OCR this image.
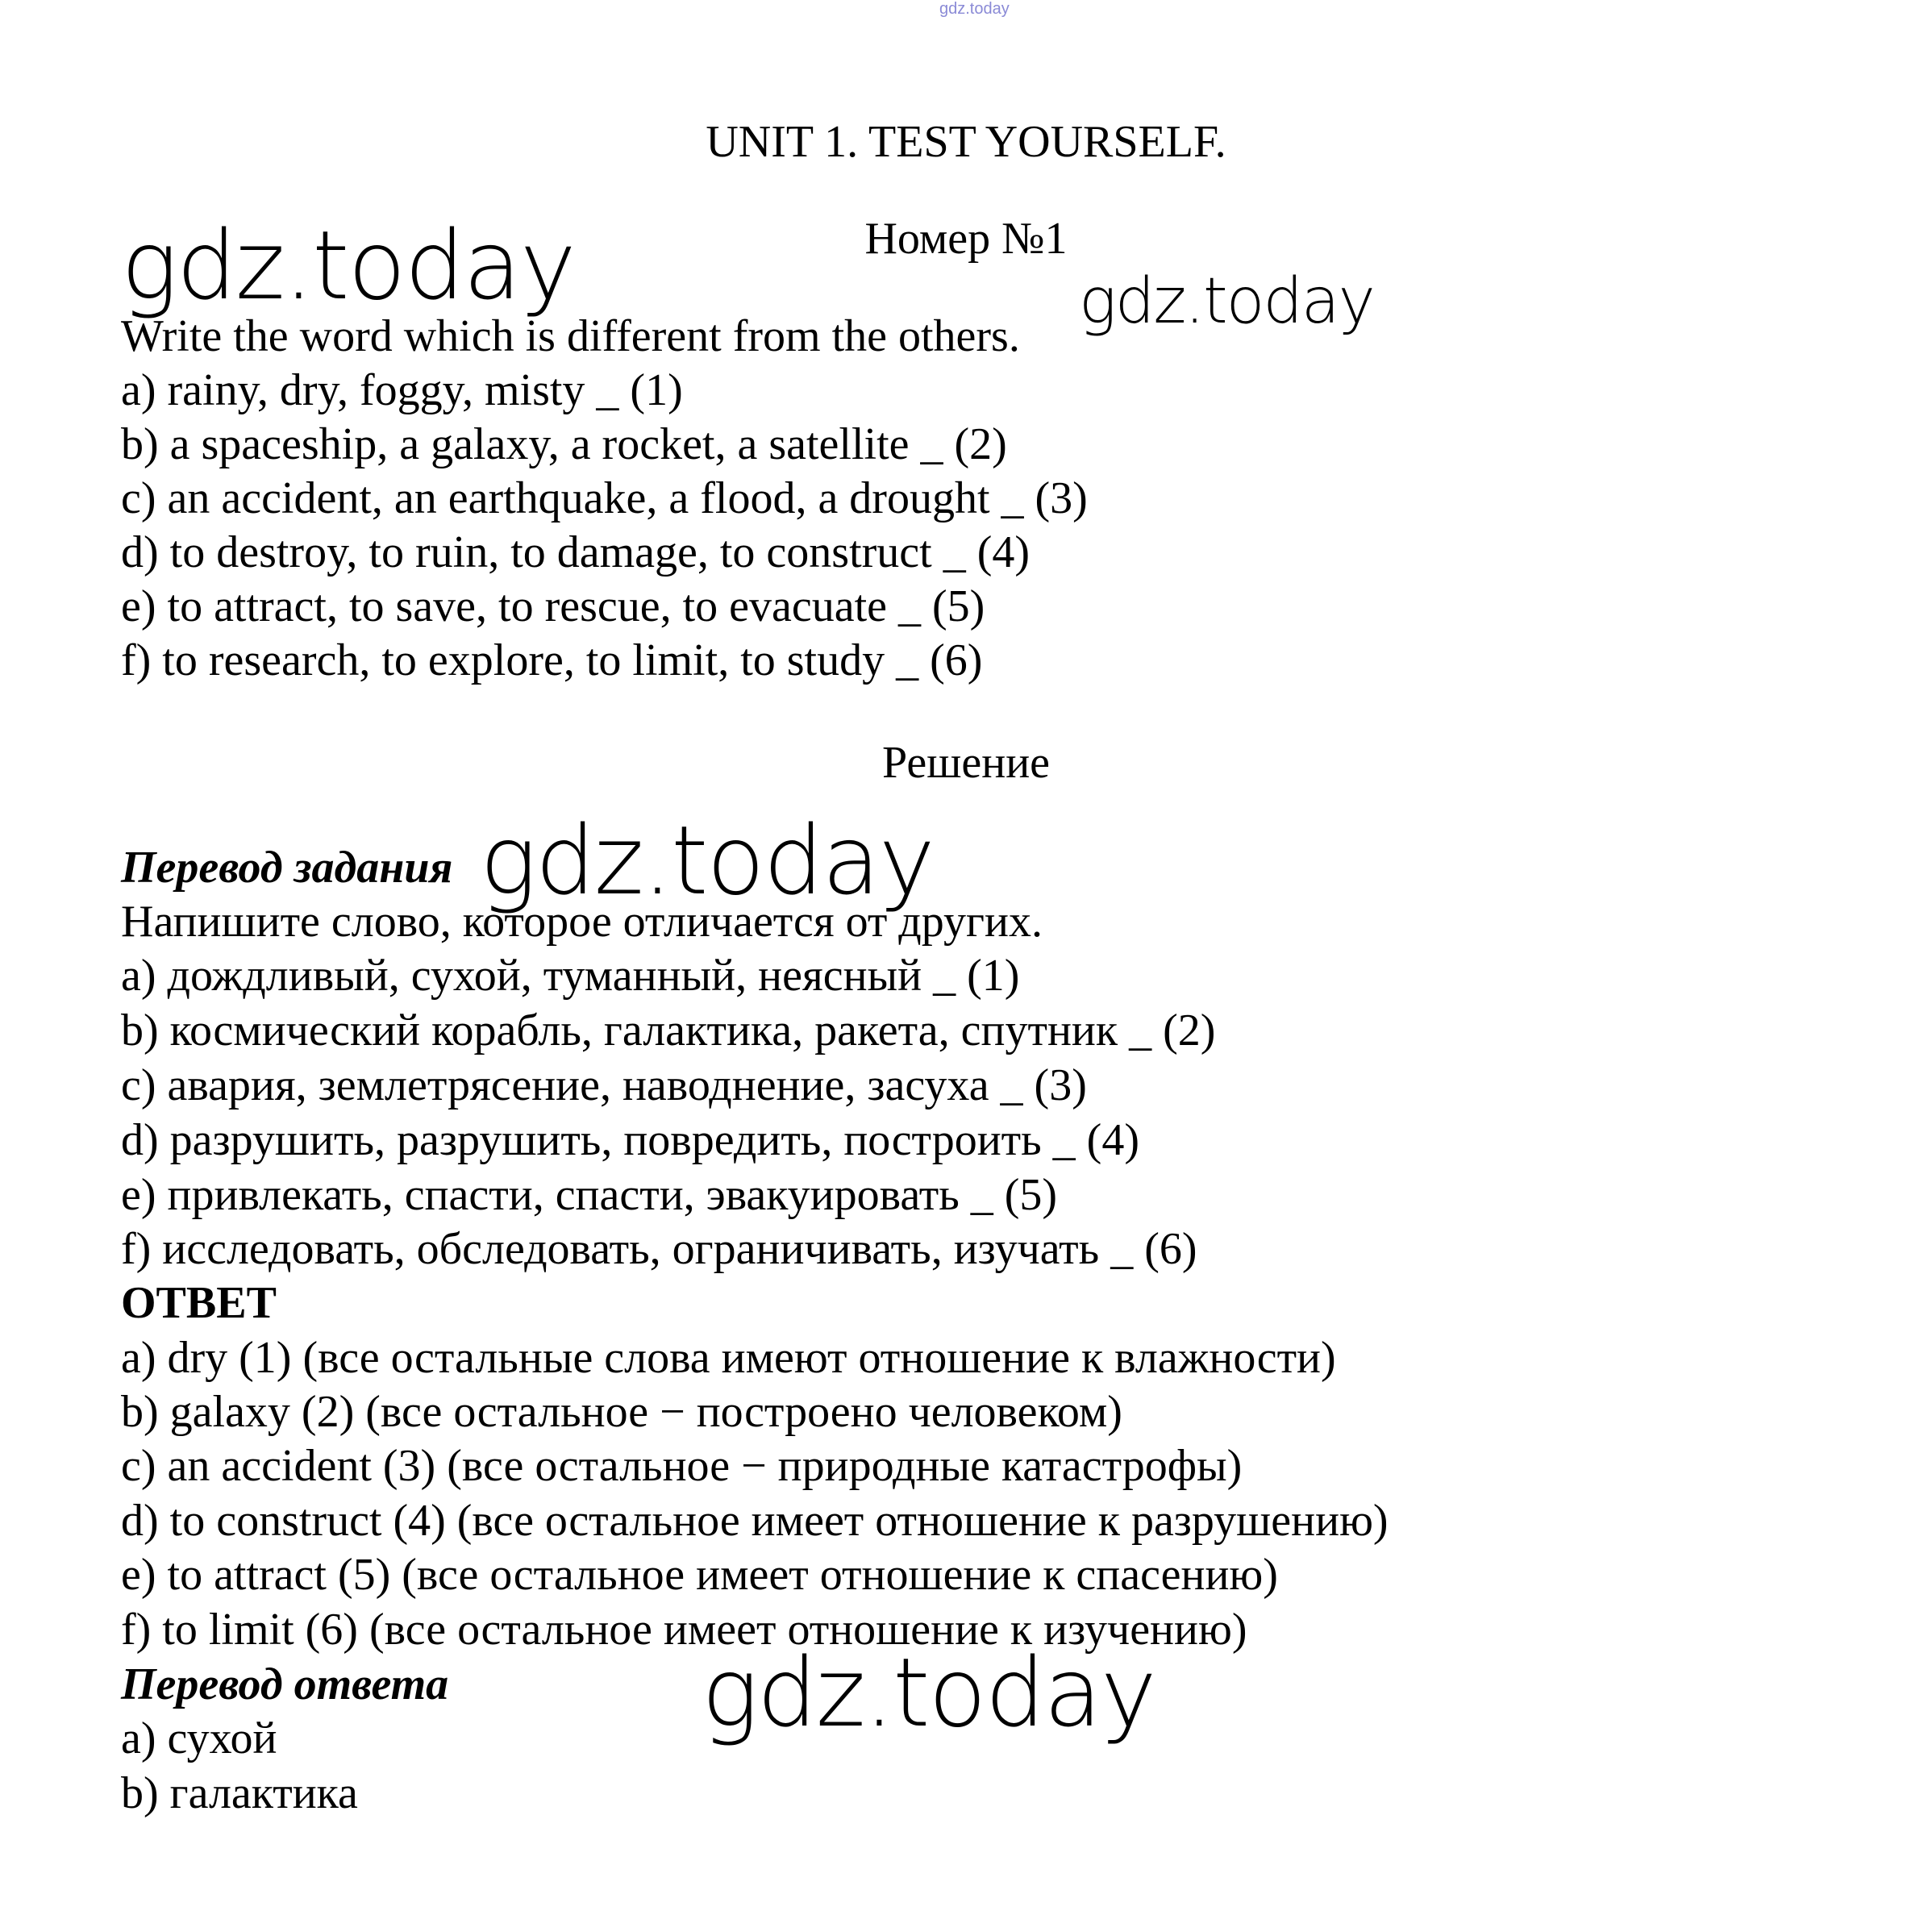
gdz.today
UNIT 1. TEST YOURSELF.
Номер №1
Write the word which is different from the others.
a) rainy, dry, foggy, misty _ (1)
b) a spaceship, a galaxy, a rocket, a satellite _ (2)
c) an accident, an earthquake, a flood, a drought _ (3)
d) to destroy, to ruin, to damage, to construct _ (4)
e) to attract, to save, to rescue, to evacuate _ (5)
f) to research, to explore, to limit, to study _ (6)
Решение
Перевод задания
Напишите слово, которое отличается от других.
a) дождливый, сухой, туманный, неясный _ (1)
b) космический корабль, галактика, ракета, спутник _ (2)
c) авария, землетрясение, наводнение, засуха _ (3)
d) разрушить, разрушить, повредить, построить _ (4)
e) привлекать, спасти, спасти, эвакуировать _ (5)
f) исследовать, обследовать, ограничивать, изучать _ (6)
ОТВЕТ
a) dry (1) (все остальные слова имеют отношение к влажности)
b) galaxy (2) (все остальное − построено человеком)
c) an accident (3) (все остальное − природные катастрофы)
d) to construct (4) (все остальное имеет отношение к разрушению)
e) to attract (5) (все остальное имеет отношение к спасению)
f) to limit (6) (все остальное имеет отношение к изучению)
Перевод ответа
a) сухой
b) галактика
gdz.today	gdz.today
gdz.today
gdz.today
